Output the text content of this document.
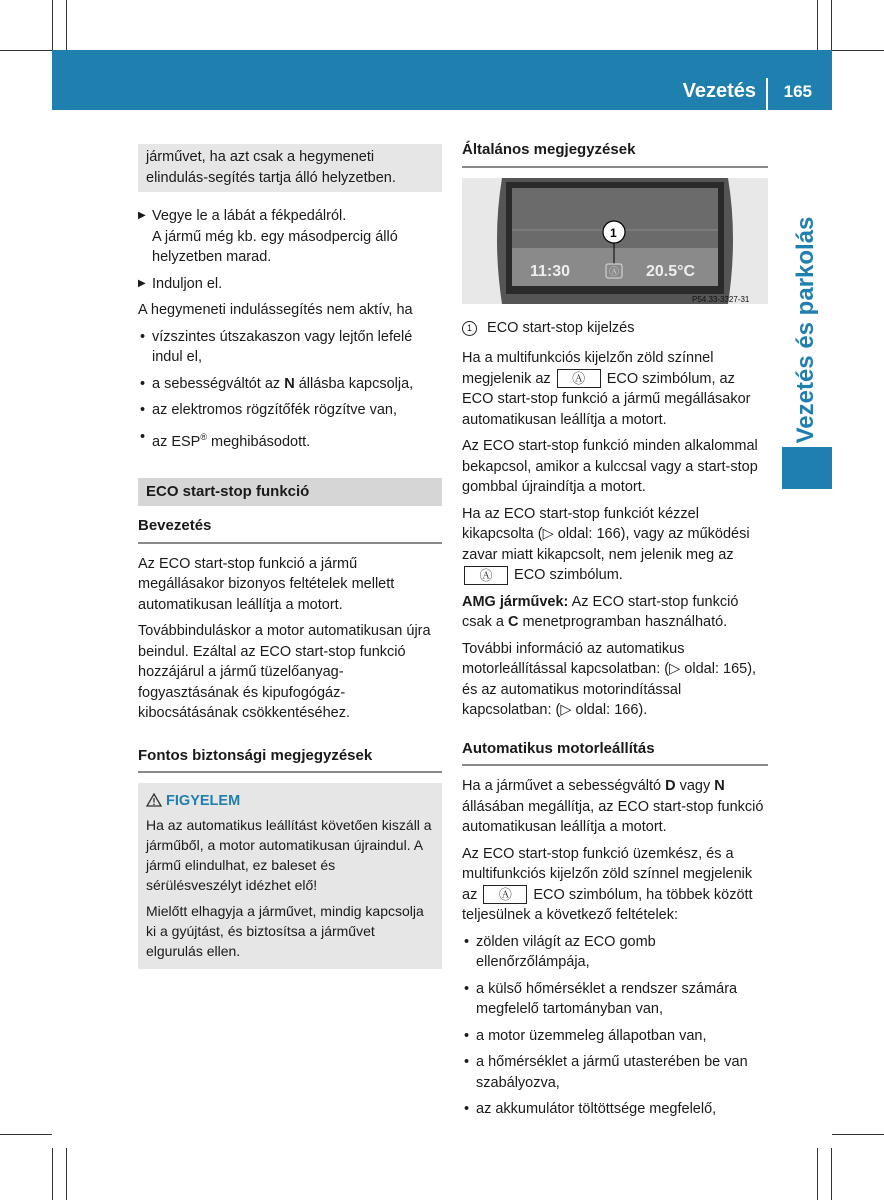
Vezetés 165
Vezetés és parkolás
járművet, ha azt csak a hegymeneti elindulás-segítés tartja álló helyzetben.

▶ Vegye le a lábát a fékpedálról.

A jármű még kb. egy másodpercig álló helyzetben marad.

▶ Induljon el.

A hegymeneti indulássegítés nem aktív, ha

• vízszintes útszakaszon vagy lejtőn lefelé indul el,

• a sebességváltót az N állásba kapcsolja,

• az elektromos rögzítőfék rögzítve van,

• az ESP® meghibásodott.

ECO start-stop funkció
Bevezetés

Az ECO start-stop funkció a jármű megállásakor bizonyos feltételek mellett automatikusan leállítja a motort.

Továbbinduláskor a motor automatikusan újra beindul. Ezáltal az ECO start-stop funkció hozzájárul a jármű tüzelőanyag-fogyasztásának és kipufogógáz-kibocsátásának csökkentéséhez.

Fontos biztonsági megjegyzések
FIGYELEM

Ha az automatikus leállítást követően kiszáll a járműből, a motor automatikusan újraindul. A jármű elindulhat, ez baleset és sérülésveszélyt idézhet elő!

Mielőtt elhagyja a járművet, mindig kapcsolja ki a gyújtást, és biztosítsa a járművet elgurulás ellen.

Általános megjegyzések
Ⓐ
11:30	20.5°C
1
P54.33-3327-31

1 ECO start-stop kijelzés

Ha a multifunkciós kijelzőn zöld színnel megjelenik az Ⓐ ECO szimbólum, az ECO start-stop funkció a jármű megállásakor automatikusan leállítja a motort.

Az ECO start-stop funkció minden alkalommal bekapcsol, amikor a kulccsal vagy a start-stop gombbal újraindítja a motort.

Ha az ECO start-stop funkciót kézzel kikapcsolta (▷ oldal: 166), vagy az működési zavar miatt kikapcsolt, nem jelenik meg az Ⓐ ECO szimbólum.

AMG járművek: Az ECO start-stop funkció csak a C menetprogramban használható.

További információ az automatikus motorleállítással kapcsolatban: (▷ oldal: 165), és az automatikus motorindítással kapcsolatban: (▷ oldal: 166).

Automatikus motorleállítás

Ha a járművet a sebességváltó D vagy N állásában megállítja, az ECO start-stop funkció automatikusan leállítja a motort.

Az ECO start-stop funkció üzemkész, és a multifunkciós kijelzőn zöld színnel megjelenik az Ⓐ ECO szimbólum, ha többek között teljesülnek a következő feltételek:

• zölden világít az ECO gomb ellenőrzőlámpája,

• a külső hőmérséklet a rendszer számára megfelelő tartományban van,

• a motor üzemmeleg állapotban van,

• a hőmérséklet a jármű utasterében be van szabályozva,

• az akkumulátor töltöttsége megfelelő,
